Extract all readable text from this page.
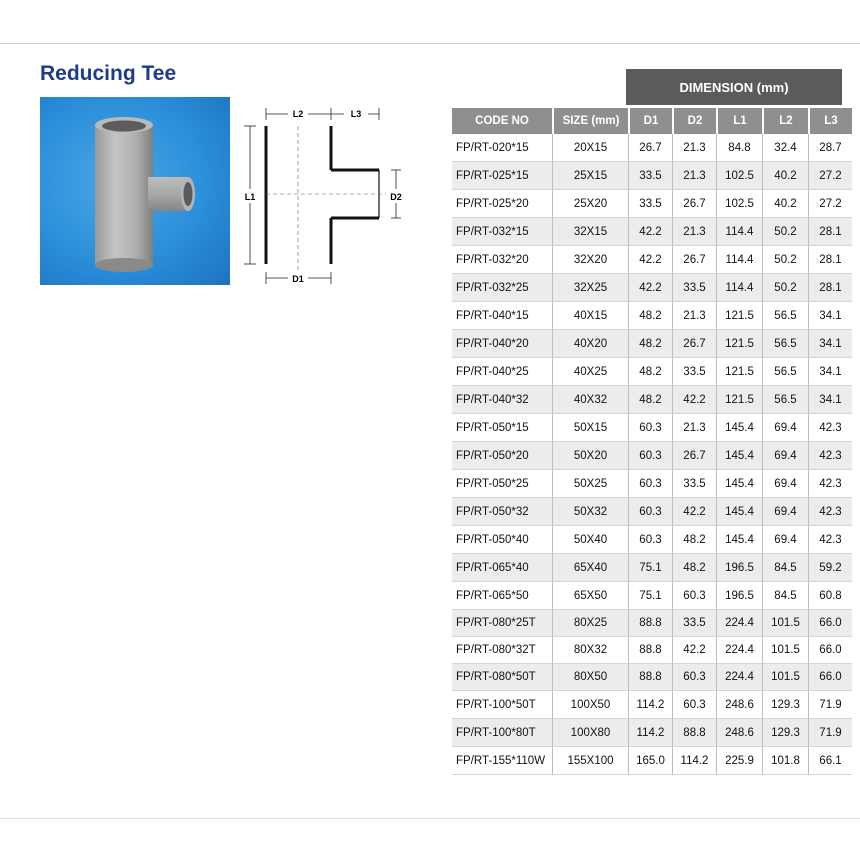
Reducing Tee
L2	L3
L1	D2
D1
DIMENSION (mm)
CODE NO	SIZE (mm)	D1	D2	L1	L2	L3
FP/RT-020*15	20X15	26.7	21.3	84.8	32.4	28.7
FP/RT-025*15	25X15	33.5	21.3	102.5	40.2	27.2
FP/RT-025*20	25X20	33.5	26.7	102.5	40.2	27.2
FP/RT-032*15	32X15	42.2	21.3	114.4	50.2	28.1
FP/RT-032*20	32X20	42.2	26.7	114.4	50.2	28.1
FP/RT-032*25	32X25	42.2	33.5	114.4	50.2	28.1
FP/RT-040*15	40X15	48.2	21.3	121.5	56.5	34.1
FP/RT-040*20	40X20	48.2	26.7	121.5	56.5	34.1
FP/RT-040*25	40X25	48.2	33.5	121.5	56.5	34.1
FP/RT-040*32	40X32	48.2	42.2	121.5	56.5	34.1
FP/RT-050*15	50X15	60.3	21.3	145.4	69.4	42.3
FP/RT-050*20	50X20	60.3	26.7	145.4	69.4	42.3
FP/RT-050*25	50X25	60.3	33.5	145.4	69.4	42.3
FP/RT-050*32	50X32	60.3	42.2	145.4	69.4	42.3
FP/RT-050*40	50X40	60.3	48.2	145.4	69.4	42.3
FP/RT-065*40	65X40	75.1	48.2	196.5	84.5	59.2
FP/RT-065*50	65X50	75.1	60.3	196.5	84.5	60.8
FP/RT-080*25T	80X25	88.8	33.5	224.4	101.5	66.0
FP/RT-080*32T	80X32	88.8	42.2	224.4	101.5	66.0
FP/RT-080*50T	80X50	88.8	60.3	224.4	101.5	66.0
FP/RT-100*50T	100X50	114.2	60.3	248.6	129.3	71.9
FP/RT-100*80T	100X80	114.2	88.8	248.6	129.3	71.9
FP/RT-155*110W	155X100	165.0	114.2	225.9	101.8	66.1
